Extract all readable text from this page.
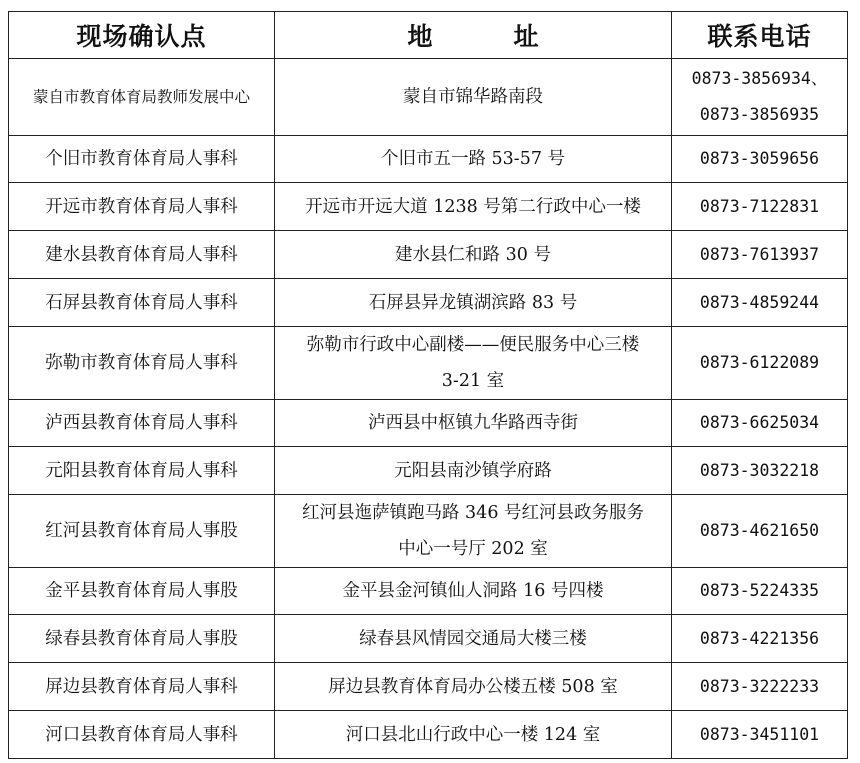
现场确认点	地　址	联系电话
蒙自市教育体育局教师发展中心	蒙自市锦华路南段	0873-3856934、
0873-3856935

个旧市教育体育局人事科	个旧市五一路 53-57 号	0873-3059656

开远市教育体育局人事科	开远市开远大道 1238 号第二行政中心一楼	0873-7122831

建水县教育体育局人事科	建水县仁和路 30 号	0873-7613937

石屏县教育体育局人事科	石屏县异龙镇湖滨路 83 号	0873-4859244

弥勒市教育体育局人事科	弥勒市行政中心副楼——便民服务中心三楼
3-21 室	0873-6122089

泸西县教育体育局人事科	泸西县中枢镇九华路西寺街	0873-6625034

元阳县教育体育局人事科	元阳县南沙镇学府路	0873-3032218

红河县教育体育局人事股	红河县迤萨镇跑马路 346 号红河县政务服务
中心一号厅 202 室	0873-4621650

金平县教育体育局人事股	金平县金河镇仙人洞路 16 号四楼	0873-5224335

绿春县教育体育局人事股	绿春县风情园交通局大楼三楼	0873-4221356

屏边县教育体育局人事科	屏边县教育体育局办公楼五楼 508 室	0873-3222233

河口县教育体育局人事科	河口县北山行政中心一楼 124 室	0873-3451101
